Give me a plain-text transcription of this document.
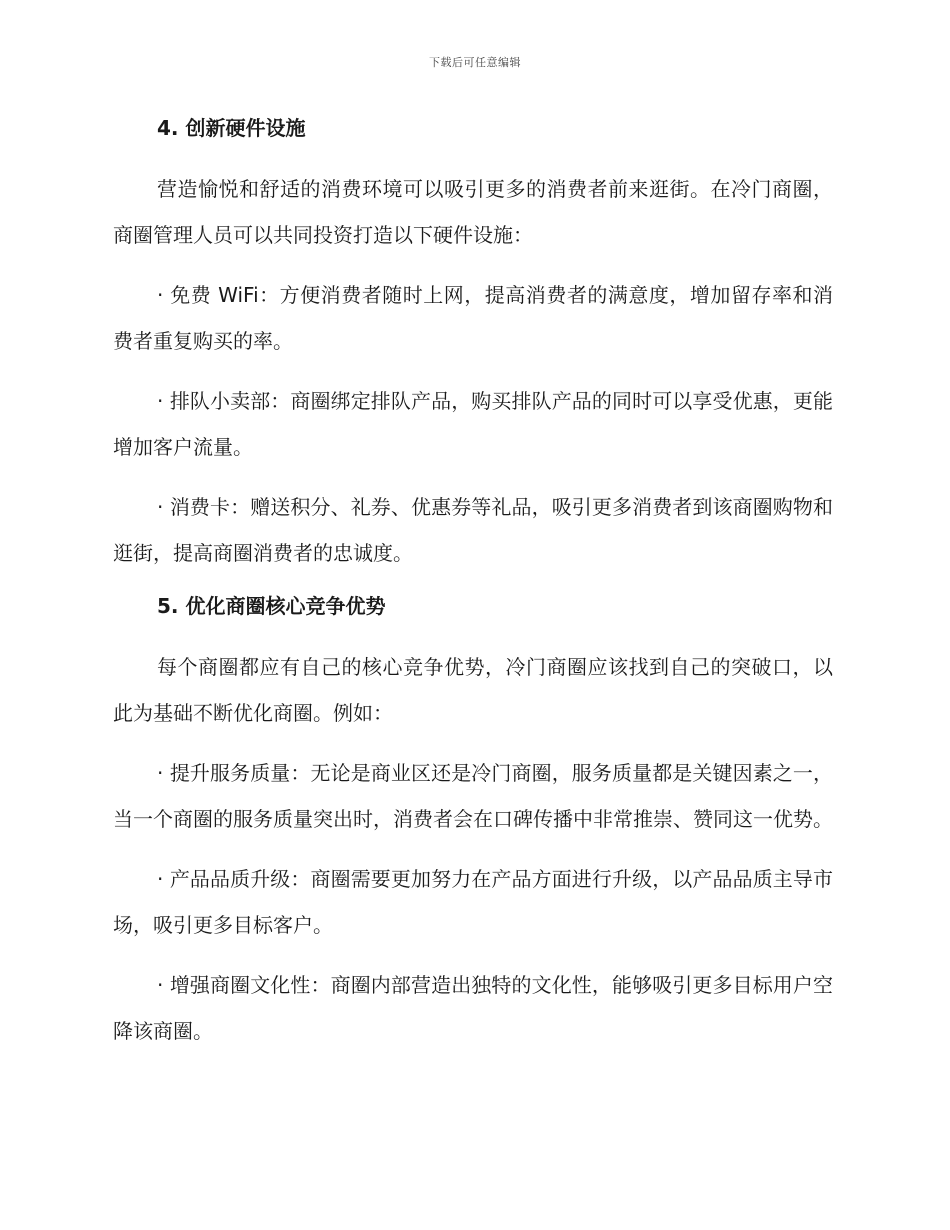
下载后可任意编辑
4. 创新硬件设施

营造愉悦和舒适的消费环境可以吸引更多的消费者前来逛街。在冷门商圈，商圈管理人员可以共同投资打造以下硬件设施：

· 免费 WiFi：方便消费者随时上网，提高消费者的满意度，增加留存率和消费者重复购买的率。

· 排队小卖部：商圈绑定排队产品，购买排队产品的同时可以享受优惠，更能增加客户流量。

· 消费卡：赠送积分、礼券、优惠券等礼品，吸引更多消费者到该商圈购物和逛街，提高商圈消费者的忠诚度。

5. 优化商圈核心竞争优势

每个商圈都应有自己的核心竞争优势，冷门商圈应该找到自己的突破口，以此为基础不断优化商圈。例如：

· 提升服务质量：无论是商业区还是冷门商圈，服务质量都是关键因素之一，当一个商圈的服务质量突出时，消费者会在口碑传播中非常推崇、赞同这一优势。

· 产品品质升级：商圈需要更加努力在产品方面进行升级，以产品品质主导市场，吸引更多目标客户。

· 增强商圈文化性：商圈内部营造出独特的文化性，能够吸引更多目标用户空降该商圈。
